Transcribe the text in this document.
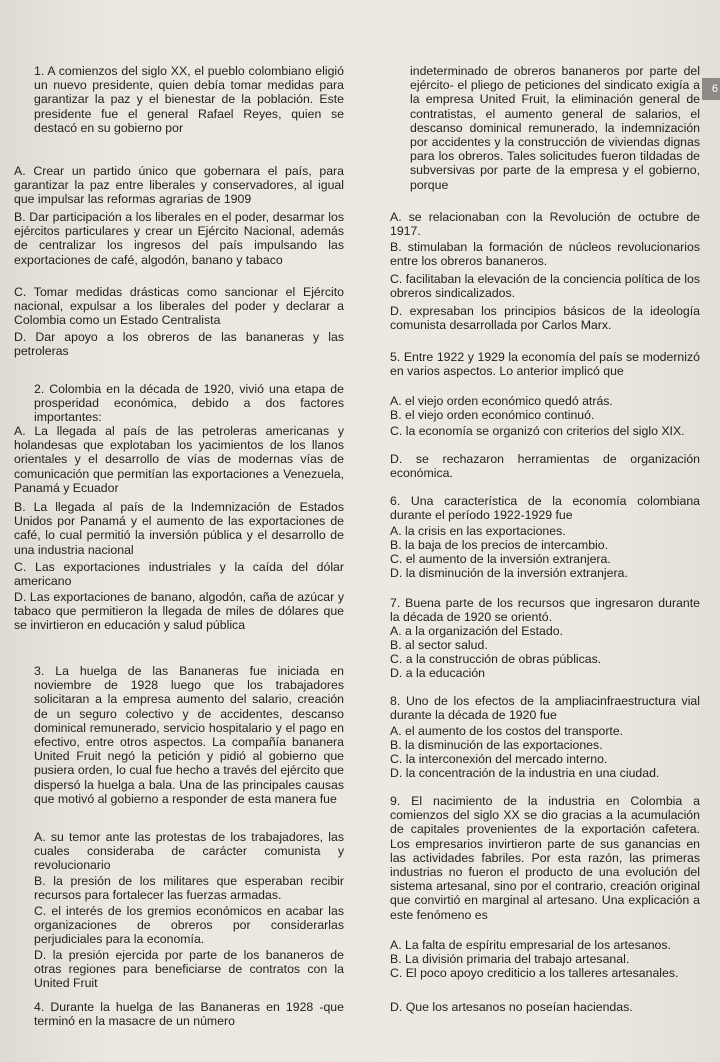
6
1. A comienzos del siglo XX, el pueblo colombiano eligió un nuevo presidente, quien debía tomar medidas para garantizar la paz y el bienestar de la población. Este presidente fue el general Rafael Reyes, quien se destacó en su gobierno por
A. Crear un partido único que gobernara el país, para garantizar la paz entre liberales y conservadores, al igual que impulsar las reformas agrarias de 1909
B. Dar participación a los liberales en el poder, desarmar los ejércitos particulares y crear un Ejército Nacional, además de centralizar los ingresos del país impulsando las exportaciones de café, algodón, banano y tabaco
C. Tomar medidas drásticas como sancionar el Ejército nacional, expulsar a los liberales del poder y declarar a Colombia como un Estado Centralista
D. Dar apoyo a los obreros de las bananeras y las petroleras
2. Colombia en la década de 1920, vivió una etapa de prosperidad económica, debido a dos factores importantes:
A. La llegada al país de las petroleras americanas y holandesas que explotaban los yacimientos de los llanos orientales y el desarrollo de vías de modernas vías de comunicación que permitían las exportaciones a Venezuela, Panamá y Ecuador
B. La llegada al país de la Indemnización de Estados Unidos por Panamá y el aumento de las exportaciones de café, lo cual permitió la inversión pública y el desarrollo de una industria nacional
C. Las exportaciones industriales y la caída del dólar americano
D. Las exportaciones de banano, algodón, caña de azúcar y tabaco que permitieron la llegada de miles de dólares que se invirtieron en educación y salud pública
3. La huelga de las Bananeras fue iniciada en noviembre de 1928 luego que los trabajadores solicitaran a la empresa aumento del salario, creación de un seguro colectivo y de accidentes, descanso dominical remunerado, servicio hospitalario y el pago en efectivo, entre otros aspectos. La compañía bananera United Fruit negó la petición y pidió al gobierno que pusiera orden, lo cual fue hecho a través del ejército que dispersó la huelga a bala. Una de las principales causas que motivó al gobierno a responder de esta manera fue
A. su temor ante las protestas de los trabajadores, las cuales consideraba de carácter comunista y revolucionario
B. la presión de los militares que esperaban recibir recursos para fortalecer las fuerzas armadas.
C. el interés de los gremios económicos en acabar las organizaciones de obreros por considerarlas perjudiciales para la economía.
D. la presión ejercida por parte de los bananeros de otras regiones para beneficiarse de contratos con la United Fruit
4. Durante la huelga de las Bananeras en 1928 -que terminó en la masacre de un número
indeterminado de obreros bananeros por parte del ejército- el pliego de peticiones del sindicato exigía a la empresa United Fruit, la eliminación general de contratistas, el aumento general de salarios, el descanso dominical remunerado, la indemnización por accidentes y la construcción de viviendas dignas para los obreros. Tales solicitudes fueron tildadas de subversivas por parte de la empresa y el gobierno, porque
A. se relacionaban con la Revolución de octubre de 1917.
B. stimulaban la formación de núcleos revolucionarios entre los obreros bananeros.
C. facilitaban la elevación de la conciencia política de los obreros sindicalizados.
D. expresaban los principios básicos de la ideología comunista desarrollada por Carlos Marx.
5. Entre 1922 y 1929 la economía del país se modernizó en varios aspectos. Lo anterior implicó que
A. el viejo orden económico quedó atrás.
B. el viejo orden económico continuó.
C. la economía se organizó con criterios del siglo XIX.
D. se rechazaron herramientas de organización económica.
6. Una característica de la economía colombiana durante el período 1922-1929 fue
A. la crisis en las exportaciones.
B. la baja de los precios de intercambio.
C. el aumento de la inversión extranjera.
D. la disminución de la inversión extranjera.
7. Buena parte de los recursos que ingresaron durante la década de 1920 se orientó.
A. a la organización del Estado.
B. al sector salud.
C. a la construcción de obras públicas.
D. a la educación
8. Uno de los efectos de la ampliacinfraestructura vial durante la década de 1920 fue
A. el aumento de los costos del transporte.
B. la disminución de las exportaciones.
C. la interconexión del mercado interno.
D. la concentración de la industria en una ciudad.
9. El nacimiento de la industria en Colombia a comienzos del siglo XX se dio gracias a la acumulación de capitales provenientes de la exportación cafetera. Los empresarios invirtieron parte de sus ganancias en las actividades fabriles. Por esta razón, las primeras industrias no fueron el producto de una evolución del sistema artesanal, sino por el contrario, creación original que convirtió en marginal al artesano. Una explicación a este fenómeno es
A. La falta de espíritu empresarial de los artesanos.
B. La división primaria del trabajo artesanal.
C. El poco apoyo crediticio a los talleres artesanales.
D. Que los artesanos no poseían haciendas.
